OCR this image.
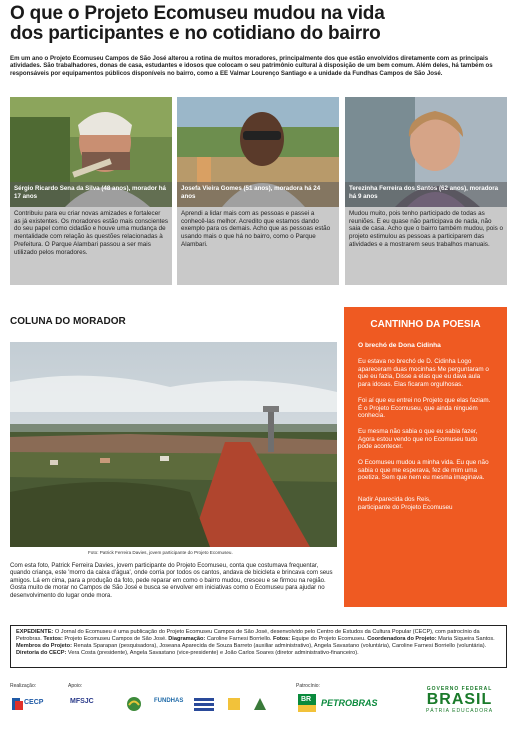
O que o Projeto Ecomuseu mudou na vida
dos participantes e no cotidiano do bairro
Em um ano o Projeto Ecomuseu Campos de São José alterou a rotina de muitos moradores, principalmente dos que estão envolvidos diretamente com as principais atividades. São trabalhadores, donas de casa, estudantes e idosos que colocam o seu patrimônio cultural à disposição de um bem comum. Além deles, há também os responsáveis por equipamentos públicos disponíveis no bairro, como a EE Valmar Lourenço Santiago e a unidade da Fundhas Campos de São José.
Sérgio Ricardo Sena da Silva (48 anos), morador há 17 anos
Contribuiu para eu criar novas amizades e fortalecer as já existentes. Os moradores estão mais conscientes do seu papel como cidadão e houve uma mudança de mentalidade com relação às questões relacionadas à Prefeitura. O Parque Alambari passou a ser mais utilizado pelos moradores.
Josefa Vieira Gomes (51 anos), moradora há 24 anos
Aprendi a lidar mais com as pessoas e passei a conhecê-las melhor. Acredito que estamos dando exemplo para os demais. Acho que as pessoas estão usando mais o que há no bairro, como o Parque Alambari.
Terezinha Ferreira dos Santos (62 anos), moradora há 9 anos
Mudou muito, pois tenho participado de todas as reuniões. E eu quase não participava de nada, não saia de casa. Acho que o bairro também mudou, pois o projeto estimulou as pessoas a participarem das atividades e a mostrarem seus trabalhos manuais.
COLUNA DO MORADOR
Foto: Patrick Ferreira Davies, jovem participante do Projeto Ecomuseu.
Com esta foto, Patrick Ferreira Davies, jovem participante do Projeto Ecomuseu, conta que costumava frequentar, quando criança, este 'morro da caixa d'água', onde corria por todos os cantos, andava de bicicleta e brincava com seus amigos. Lá em cima, para a produção da foto, pede reparar em como o bairro mudou, cresceu e se firmou na região. Gosta muito de morar no Campos de São José e busca se envolver em iniciativas como o Ecomuseu para ajudar no desenvolvimento do lugar onde mora.
CANTINHO DA POESIA
O brechó de Dona Cidinha

Eu estava no brechó de D. Cidinha Logo apareceram duas mocinhas Me perguntaram o que eu fazia, Disse a elas que eu dava aula para idosas. Elas ficaram orgulhosas.

Foi aí que eu entrei no Projeto que elas faziam. É o Projeto Ecomuseu, que ainda ninguém conhecia.

Eu mesma não sabia o que eu sabia fazer, Agora estou vendo que no Ecomuseu tudo pode acontecer.

O Ecomuseu mudou a minha vida. Eu que não sabia o que me esperava, fez de mim uma poetiza. Sem que nem eu mesma imaginava.

Nadir Aparecida dos Reis,
participante do Projeto Ecomuseu

EXPEDIENTE: O Jornal do Ecomuseu é uma publicação do Projeto Ecomuseu Campos de São José, desenvolvido pelo Centro de Estudos da Cultura Popular (CECP), com patrocínio da Petrobras. Textos: Projeto Ecomuseu Campos de São José. Diagramação: Caroline Farnesi Borriello. Fotos: Equipe do Projeto Ecomuseu. Coordenadora do Projeto: Maria Siqueira Santos. Membros do Projeto: Renata Sparapan (pesquisadora), Joseana Aparecida de Souza Barreto (auxiliar administrativo), Angela Savastano (voluntária), Caroline Farnesi Borriello (voluntária). Diretoria do CECP: Vera Costa (presidente), Angela Savastano (vice-presidente) e João Carlos Soares (diretor administrativo-financeiro).
Realização:	Apoio:	Patrocínio:
CECP	MFSJC	FUNDHAS	BR PETROBRAS
GOVERNO FEDERAL
BRASIL
PÁTRIA EDUCADORA
